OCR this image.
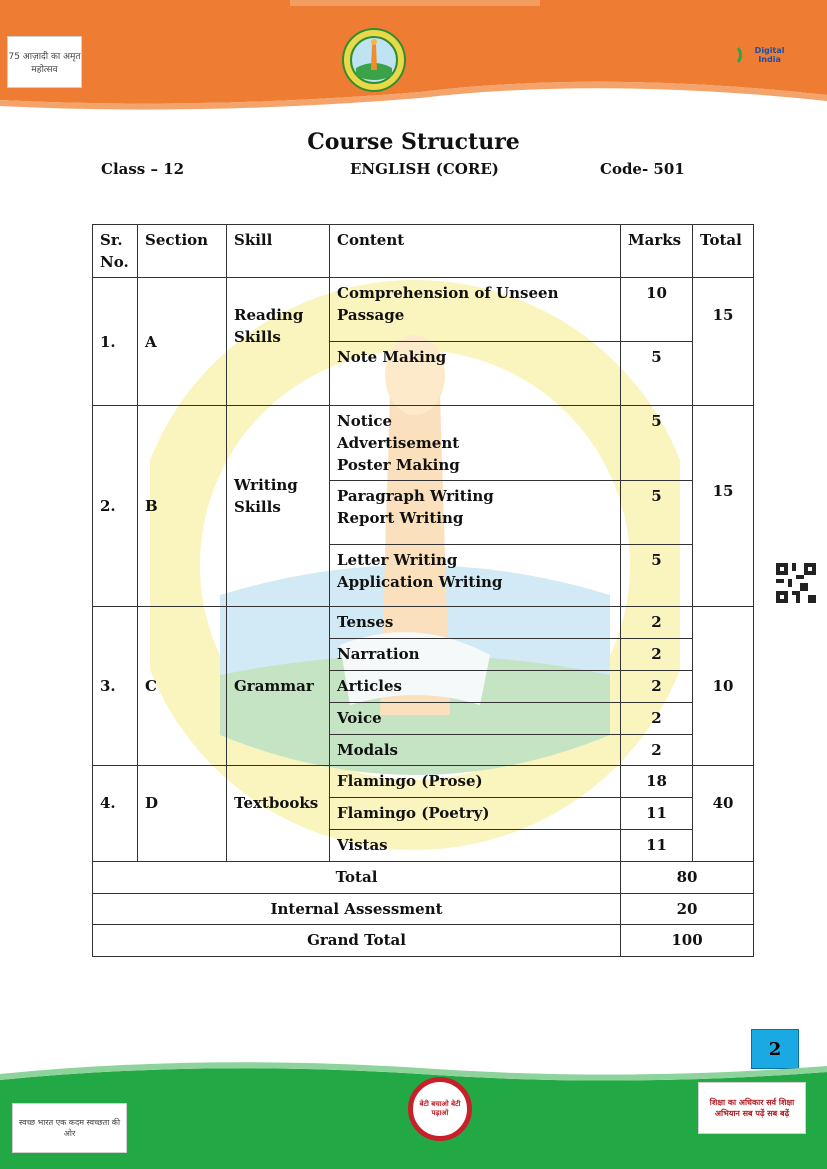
75 आज़ादी का अमृत महोत्सव
Digital India
Course Structure
Class – 12	ENGLISH (CORE)	Code- 501
Sr. No.	Section	Skill	Content	Marks	Total
1.	A	Reading Skills	Comprehension of Unseen
Passage	10	15

			Note Making	5	
2.	B	Writing Skills	Notice
Advertisement
Poster Making	5	15

			Paragraph Writing
Report Writing	5	

			Letter Writing
Application Writing	5	
3.	C	Grammar	Tenses	2	10
			Narration	2	
			Articles	2	
			Voice	2	
			Modals	2	
4.	D	Textbooks	Flamingo (Prose)	18	40
			Flamingo (Poetry)	11	
			Vistas	11	
Total				80	
Internal Assessment				20	
Grand Total				100	
2
स्वच्छ भारत एक कदम स्वच्छता की ओर
बेटी बचाओ बेटी पढ़ाओ
शिक्षा का अधिकार सर्व शिक्षा अभियान सब पढ़ें सब बढ़ें
